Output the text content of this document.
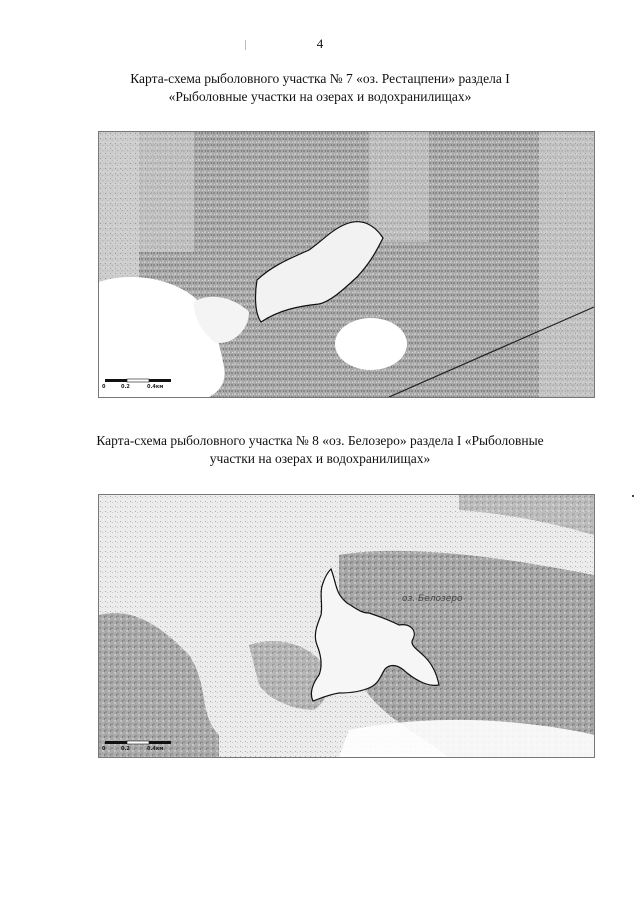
4
Карта-схема рыболовного участка № 7 «оз. Рестацпени» раздела I
«Рыболовные участки на озерах и водохранилищах»
0	0.2	0.4км
Карта-схема рыболовного участка № 8 «оз. Белозеро» раздела I «Рыболовные
участки на озерах и водохранилищах»
оз. Белозеро
0	0.2	0.4км
